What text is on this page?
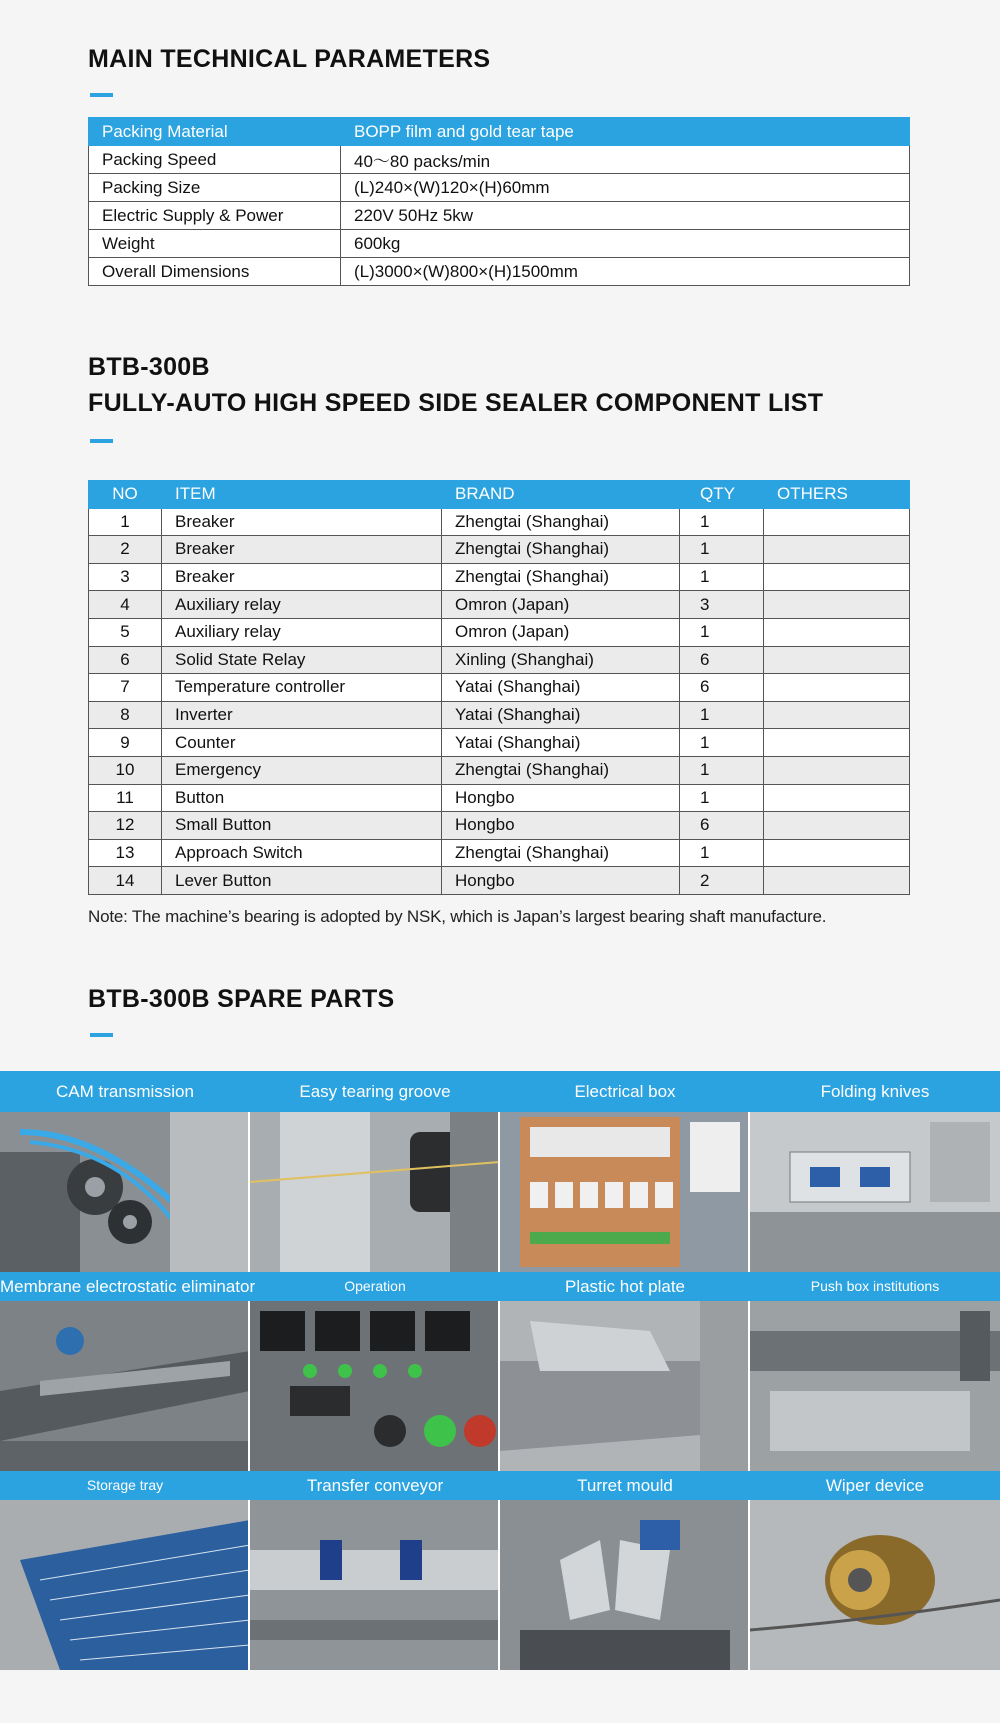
MAIN TECHNICAL PARAMETERS
Packing Material	BOPP film and gold tear tape
Packing Speed	40～80 packs/min
Packing Size	(L)240×(W)120×(H)60mm
Electric Supply & Power	220V 50Hz 5kw
Weight	600kg
Overall Dimensions	(L)3000×(W)800×(H)1500mm
BTB-300B
FULLY-AUTO HIGH SPEED SIDE SEALER COMPONENT LIST
NO	ITEM	BRAND	QTY	OTHERS
1	Breaker	Zhengtai (Shanghai)	1	
2	Breaker	Zhengtai (Shanghai)	1	
3	Breaker	Zhengtai (Shanghai)	1	
4	Auxiliary relay	Omron (Japan)	3	
5	Auxiliary relay	Omron (Japan)	1	
6	Solid State Relay	Xinling (Shanghai)	6	
7	Temperature controller	Yatai (Shanghai)	6	
8	Inverter	Yatai (Shanghai)	1	
9	Counter	Yatai (Shanghai)	1	
10	Emergency	Zhengtai (Shanghai)	1	
11	Button	Hongbo	1	
12	Small Button	Hongbo	6	
13	Approach Switch	Zhengtai (Shanghai)	1	
14	Lever Button	Hongbo	2	
Note: The machine’s bearing is adopted by NSK, which is Japan’s largest bearing shaft manufacture.
BTB-300B SPARE PARTS
CAM transmission	Easy tearing groove	Electrical box	Folding knives
Membrane electrostatic eliminator	Operation	Plastic hot plate	Push box institutions
Storage tray	Transfer conveyor	Turret mould	Wiper device
